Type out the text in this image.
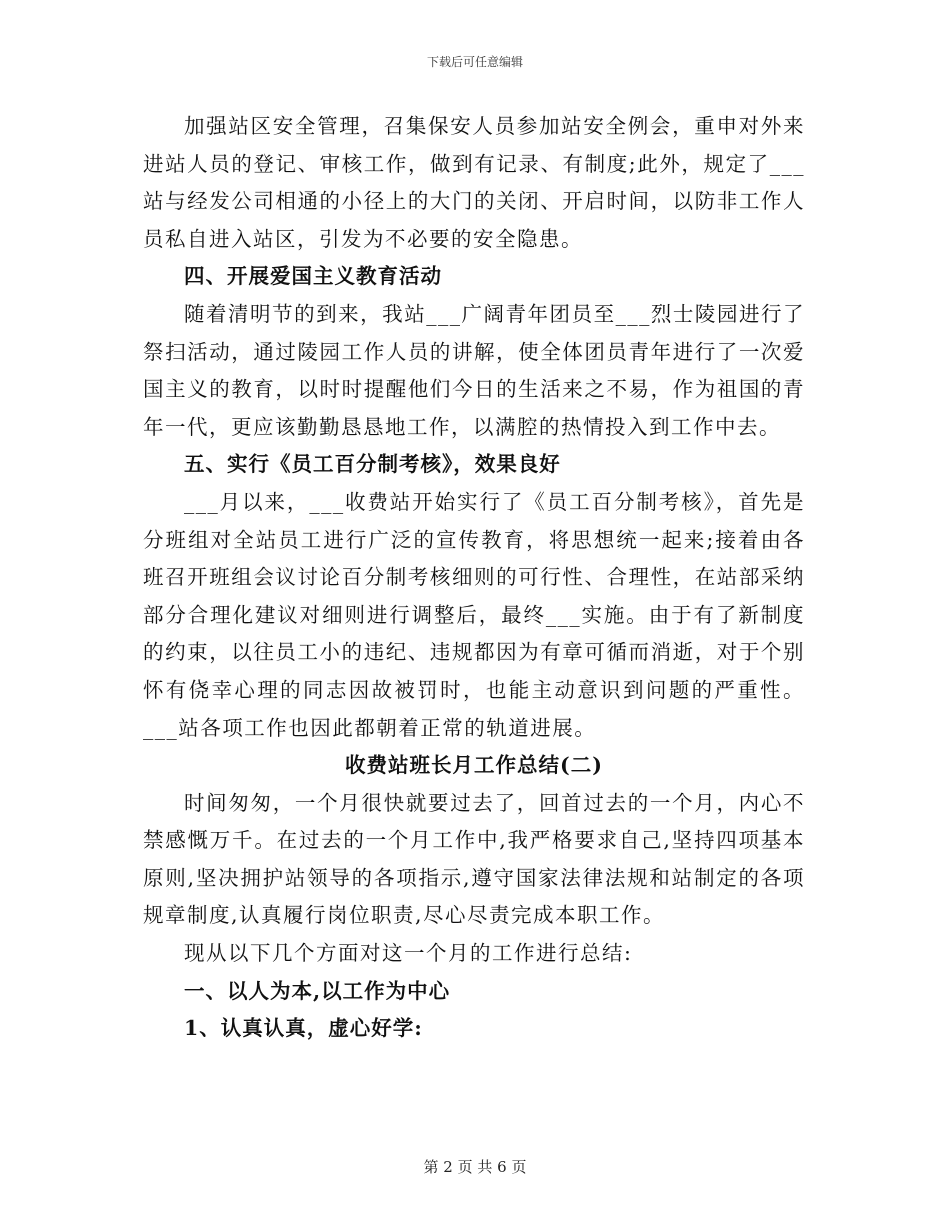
下载后可任意编辑

加强站区安全管理，召集保安人员参加站安全例会，重申对外来进站人员的登记、审核工作，做到有记录、有制度;此外，规定了___站与经发公司相通的小径上的大门的关闭、开启时间，以防非工作人员私自进入站区，引发为不必要的安全隐患。

四、开展爱国主义教育活动

随着清明节的到来，我站___广阔青年团员至___烈士陵园进行了祭扫活动，通过陵园工作人员的讲解，使全体团员青年进行了一次爱国主义的教育，以时时提醒他们今日的生活来之不易，作为祖国的青年一代，更应该勤勤恳恳地工作，以满腔的热情投入到工作中去。

五、实行《员工百分制考核》，效果良好

___月以来，___收费站开始实行了《员工百分制考核》，首先是分班组对全站员工进行广泛的宣传教育，将思想统一起来;接着由各班召开班组会议讨论百分制考核细则的可行性、合理性，在站部采纳部分合理化建议对细则进行调整后，最终___实施。由于有了新制度的约束，以往员工小的违纪、违规都因为有章可循而消逝，对于个别怀有侥幸心理的同志因故被罚时，也能主动意识到问题的严重性。___站各项工作也因此都朝着正常的轨道进展。

收费站班长月工作总结(二)

时间匆匆，一个月很快就要过去了，回首过去的一个月，内心不禁感慨万千。在过去的一个月工作中,我严格要求自己,坚持四项基本原则,坚决拥护站领导的各项指示,遵守国家法律法规和站制定的各项规章制度,认真履行岗位职责,尽心尽责完成本职工作。

现从以下几个方面对这一个月的工作进行总结:

一、以人为本,以工作为中心

1、认真认真，虚心好学:

第 2 页 共 6 页
